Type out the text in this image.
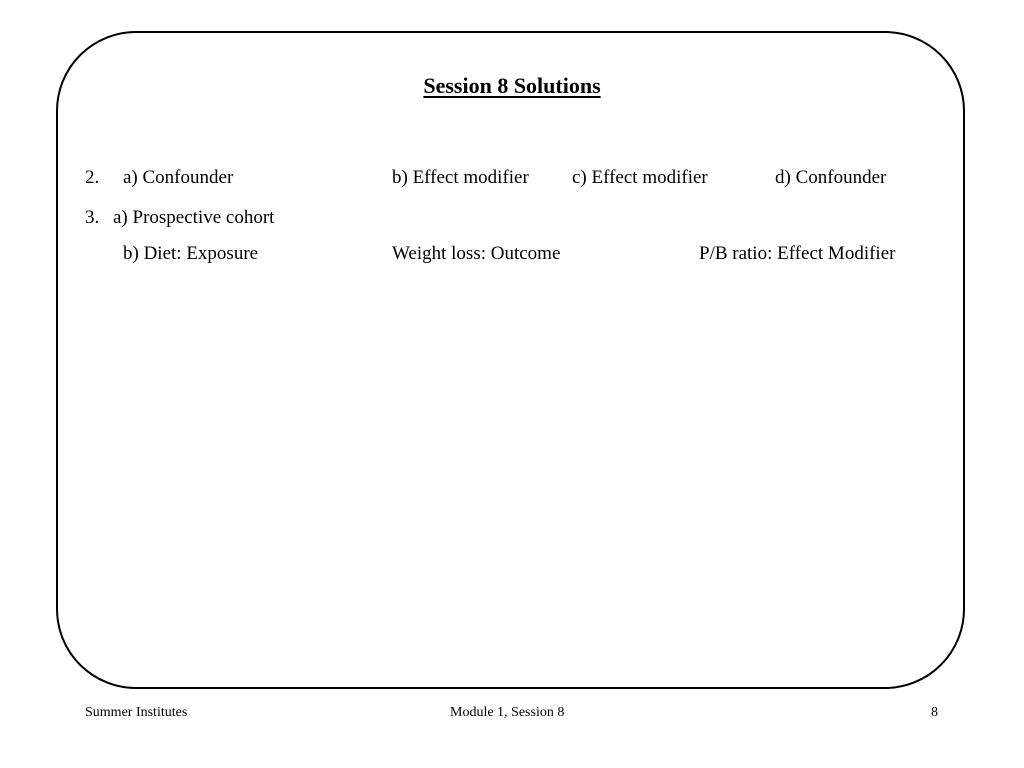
Session 8 Solutions
2. a) Confounder	b) Effect modifier c) Effect modifier	d) Confounder
3. a) Prospective cohort
b) Diet: Exposure	Weight loss: Outcome	P/B ratio: Effect Modifier
Summer Institutes	Module 1, Session 8	8
